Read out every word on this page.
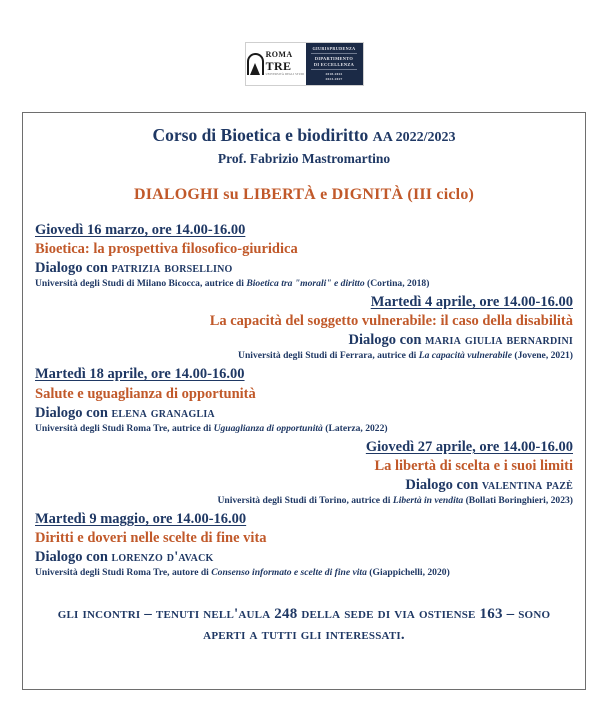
ROMA
TRE
UNIVERSITÀ DEGLI STUDI
GIURISPRUDENZA
DIPARTIMENTO
DI ECCELLENZA
2018-2022
2023-2027
Corso di Bioetica e biodiritto AA 2022/2023
Prof. Fabrizio Mastromartino
DIALOGHI su LIBERTÀ e DIGNITÀ (III ciclo)
Giovedì 16 marzo, ore 14.00-16.00
Bioetica: la prospettiva filosofico-giuridica
Dialogo con patrizia borsellino
Università degli Studi di Milano Bicocca, autrice di Bioetica tra "morali" e diritto (Cortina, 2018)
Martedì 4 aprile, ore 14.00-16.00
La capacità del soggetto vulnerabile: il caso della disabilità
Dialogo con maria giulia bernardini
Università degli Studi di Ferrara, autrice di La capacità vulnerabile (Jovene, 2021)
Martedì 18 aprile, ore 14.00-16.00
Salute e uguaglianza di opportunità
Dialogo con elena granaglia
Università degli Studi Roma Tre, autrice di Uguaglianza di opportunità (Laterza, 2022)
Giovedì 27 aprile, ore 14.00-16.00
La libertà di scelta e i suoi limiti
Dialogo con valentina pazè
Università degli Studi di Torino, autrice di Libertà in vendita (Bollati Boringhieri, 2023)
Martedì 9 maggio, ore 14.00-16.00
Diritti e doveri nelle scelte di fine vita
Dialogo con lorenzo d'avack
Università degli Studi Roma Tre, autore di Consenso informato e scelte di fine vita (Giappichelli, 2020)
gli incontri – tenuti nell'aula 248 della sede di via ostiense 163 – sono aperti a tutti gli interessati.
